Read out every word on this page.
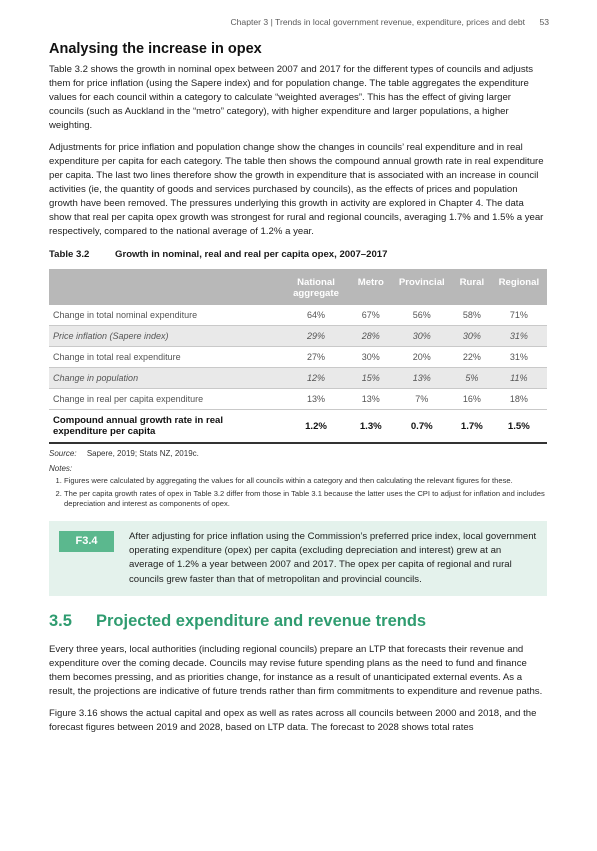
Chapter 3 | Trends in local government revenue, expenditure, prices and debt 53
Analysing the increase in opex

Table 3.2 shows the growth in nominal opex between 2007 and 2017 for the different types of councils and adjusts them for price inflation (using the Sapere index) and for population change. The table aggregates the expenditure values for each council within a category to calculate “weighted averages”. This has the effect of giving larger councils (such as Auckland in the “metro” category), with higher expenditure and larger populations, a higher weighting.

Adjustments for price inflation and population change show the changes in councils’ real expenditure and in real expenditure per capita for each category. The table then shows the compound annual growth rate in real expenditure per capita. The last two lines therefore show the growth in expenditure that is associated with an increase in council activities (ie, the quantity of goods and services purchased by councils), as the effects of prices and population growth have been removed. The pressures underlying this growth in activity are explored in Chapter 4. The data show that real per capita opex growth was strongest for rural and regional councils, averaging 1.7% and 1.5% a year respectively, compared to the national average of 1.2% a year.

Table 3.2	Growth in nominal, real and real per capita opex, 2007–2017
	National aggregate	Metro	Provincial	Rural	Regional
Change in total nominal expenditure	64%	67%	56%	58%	71%
Price inflation (Sapere index)	29%	28%	30%	30%	31%
Change in total real expenditure	27%	30%	20%	22%	31%
Change in population	12%	15%	13%	5%	11%
Change in real per capita expenditure	13%	13%	7%	16%	18%
Compound annual growth rate in real expenditure per capita	1.2%	1.3%	0.7%	1.7%	1.5%
Source: Sapere, 2019; Stats NZ, 2019c.
Notes:
1. Figures were calculated by aggregating the values for all councils within a category and then calculating the relevant figures for these.
2. The per capita growth rates of opex in Table 3.2 differ from those in Table 3.1 because the latter uses the CPI to adjust for inflation and includes depreciation and interest as components of opex.
F3.4	After adjusting for price inflation using the Commission’s preferred price index, local government operating expenditure (opex) per capita (excluding depreciation and interest) grew at an average of 1.2% a year between 2007 and 2017. The opex per capita of regional and rural councils grew faster than that of metropolitan and provincial councils.
3.5	Projected expenditure and revenue trends

Every three years, local authorities (including regional councils) prepare an LTP that forecasts their revenue and expenditure over the coming decade. Councils may revise future spending plans as the need to fund and finance them becomes pressing, and as priorities change, for instance as a result of unanticipated external events. As a result, the projections are indicative of future trends rather than firm commitments to expenditure and revenue paths.

Figure 3.16 shows the actual capital and opex as well as rates across all councils between 2000 and 2018, and the forecast figures between 2019 and 2028, based on LTP data. The forecast to 2028 shows total rates
